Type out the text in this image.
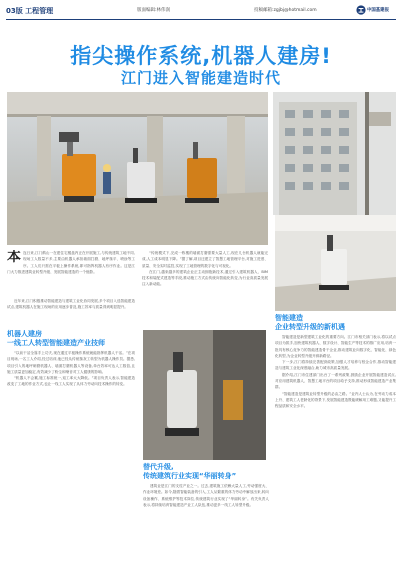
03版 工程管理	版面编辑:林伟润	投稿邮箱:zgjbj@hotmail.com	中国基建报
指尖操作系统,机器人建房!
江门进入智能建造时代

本连日来,江门鹤山一在建住宅楼盘内正在开展施工,与传统建筑工地不同,现场工人数量不多,主要由机器人承担墙面打磨、地坪抹平、喷涂等工序。工人们只需在平板上操作系统,即可指挥机器人有序作业。这是江门大力推进建筑业转型升级、发展智能建造的一个缩影。

近年来,江门积极推动智能建造与建筑工业化协同发展,多个项目入选智能建造试点,建筑机器人在施工现场的应用逐步普及,施工效率与质量得到明显提升。

机器人建房
一线工人转型智能建造产业技师

“以前干活全靠手上功夫,现在通过平板操作系统就能指挥机器人干活。”在项目现场,一名工人介绍,经过培训,他已经从传统抹灰工转型为机器人操作员。据悉,项目引入的地坪研磨机器人、墙面打磨机器人等设备,单台效率可达人工数倍,且施工质量更加稳定,有效减少了粉尘和噪音对工人健康的影响。

“机器人不会累,施工标准统一,返工率大大降低。”项目负责人表示,智能建造改变了工地的作业方式,也让一线工人实现了从体力劳动向技术操作的转变。

“传统模式下,完成一栋楼的墙面打磨需要大量人工,现在几台机器人就能完成,人工成本明显下降。”据了解,项目还建立了智慧工地管理平台,对施工进度、质量、安全实时监控,实现了工地管理的数字化与可视化。

在江门,越来越多的建筑企业正主动拥抱新技术,通过引入建筑机器人、BIM技术和装配式建造等手段,推动施工方式由传统向智能化转变,为行业高质量发展注入新动能。

替代升级,
传统建筑行业实现“华丽转身”

建筑业是江门的支柱产业之一。过去,建筑施工依赖大量人工,劳动强度大、作业环境差。如今,随着智能装备的引入,工人从繁重的体力劳动中解放出来,转向设备操作、系统维护等技术岗位,传统建筑行业实现了“华丽转身”。有关负责人表示,将持续培育智能建造产业工人队伍,推动更多一线工人转型升级。

智能建造
企业转型升级的新机遇

智能建造是新型建筑工业化的重要方向。江门市相关部门表示,将以试点项目为抓手,加快建筑机器人、数字设计、智能生产等技术的推广应用,培育一批具有核心竞争力的智能建造骨干企业,推动建筑业向数字化、智能化、绿色化转型,为企业转型升级开辟新路径。

下一步,江门将持续完善配套政策,加强人才培养与校企合作,推动智能建造与建筑工业化深度融合,助力城市高质量发展。

据介绍,江门市住建部门出台了一系列政策,鼓励企业开展智能建造试点,对应用建筑机器人、智慧工地平台的项目给予支持,推动形成智能建造产业集群。

“智能建造是建筑业转型升级的必由之路。”业内人士认为,在劳动力成本上升、建筑工人老龄化的背景下,发展智能建造既能缓解用工难题,又能提升工程品质和安全水平。
